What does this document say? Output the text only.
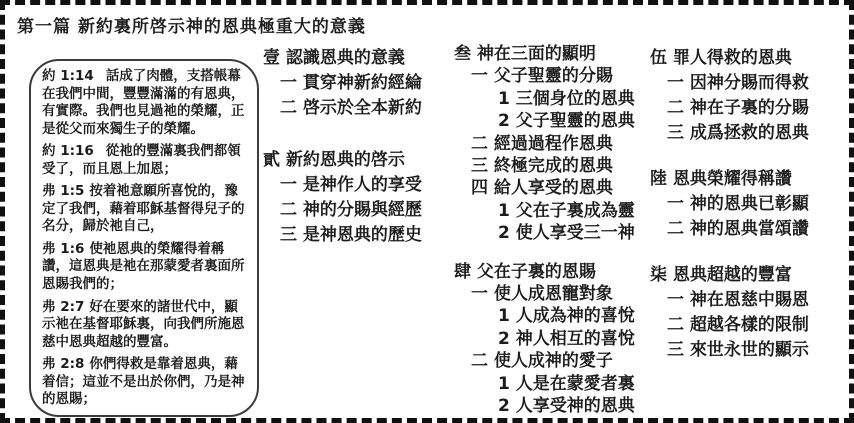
第一篇 新約裏所啓示神的恩典極重大的意義

約 1:14 話成了肉體，支搭帳幕在我們中間，豐豐滿滿的有恩典，有實際。我們也見過祂的榮耀，正是從父而來獨生子的榮耀。

約 1:16 從祂的豐滿裏我們都領受了，而且恩上加恩；

弗 1:5 按着祂意願所喜悅的，豫定了我們，藉着耶穌基督得兒子的名分，歸於祂自己，

弗 1:6 使祂恩典的榮耀得着稱讚，這恩典是祂在那蒙愛者裏面所恩賜我們的；

弗 2:7 好在要來的諸世代中，顯示祂在基督耶穌裏，向我們所施恩慈中恩典超越的豐富。

弗 2:8 你們得救是靠着恩典，藉着信；這並不是出於你們，乃是神的恩賜；

壹 認識恩典的意義
一 貫穿神新約經綸
二 啓示於全本新約
貳 新約恩典的啓示
一 是神作人的享受
二 神的分賜與經歷
三 是神恩典的歷史
叁 神在三面的顯明
一 父子聖靈的分賜
1 三個身位的恩典
2 父子聖靈的恩典
二 經過過程作恩典
三 終極完成的恩典
四 給人享受的恩典
1 父在子裏成為靈
2 使人享受三一神
肆 父在子裏的恩賜
一 使人成恩寵對象
1 人成為神的喜悅
2 神人相互的喜悅
二 使人成神的愛子
1 人是在蒙愛者裏
2 人享受神的恩典
伍 罪人得救的恩典
一 因神分賜而得救
二 神在子裏的分賜
三 成爲拯救的恩典
陸 恩典榮耀得稱讚
一 神的恩典已彰顯
二 神的恩典當頌讚
柒 恩典超越的豐富
一 神在恩慈中賜恩
二 超越各樣的限制
三 來世永世的顯示
